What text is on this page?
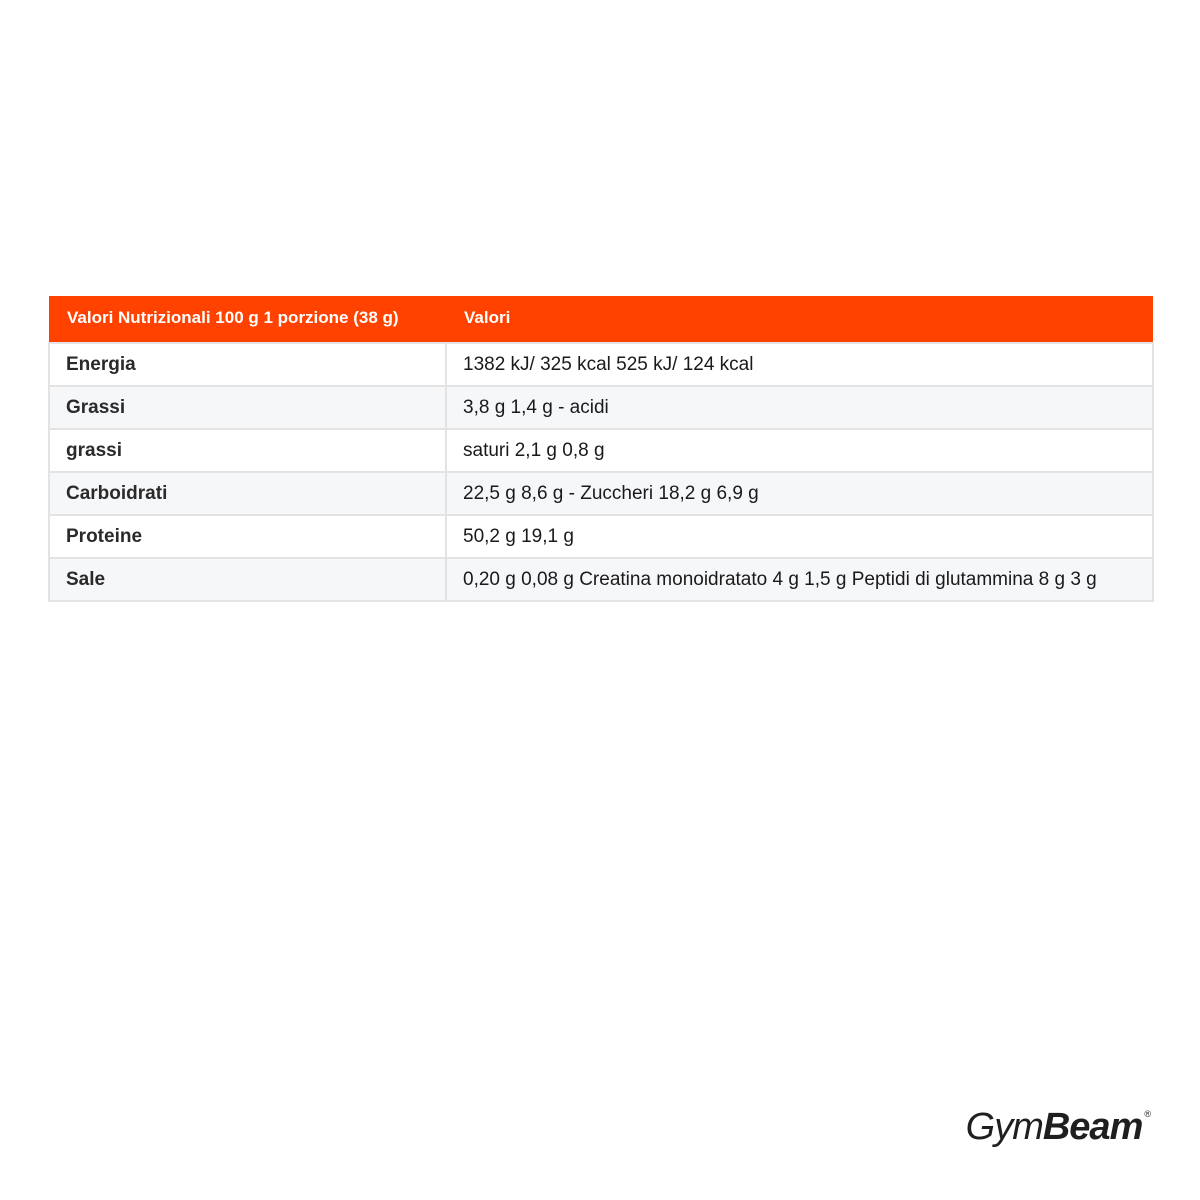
Valori Nutrizionali 100 g 1 porzione (38 g)	Valori
Energia	1382 kJ/ 325 kcal 525 kJ/ 124 kcal
Grassi	3,8 g 1,4 g - acidi
grassi	saturi 2,1 g 0,8 g
Carboidrati	22,5 g 8,6 g - Zuccheri 18,2 g 6,9 g
Proteine	50,2 g 19,1 g
Sale	0,20 g 0,08 g Creatina monoidratato 4 g 1,5 g Peptidi di glutammina 8 g 3 g
Gym Beam ®
